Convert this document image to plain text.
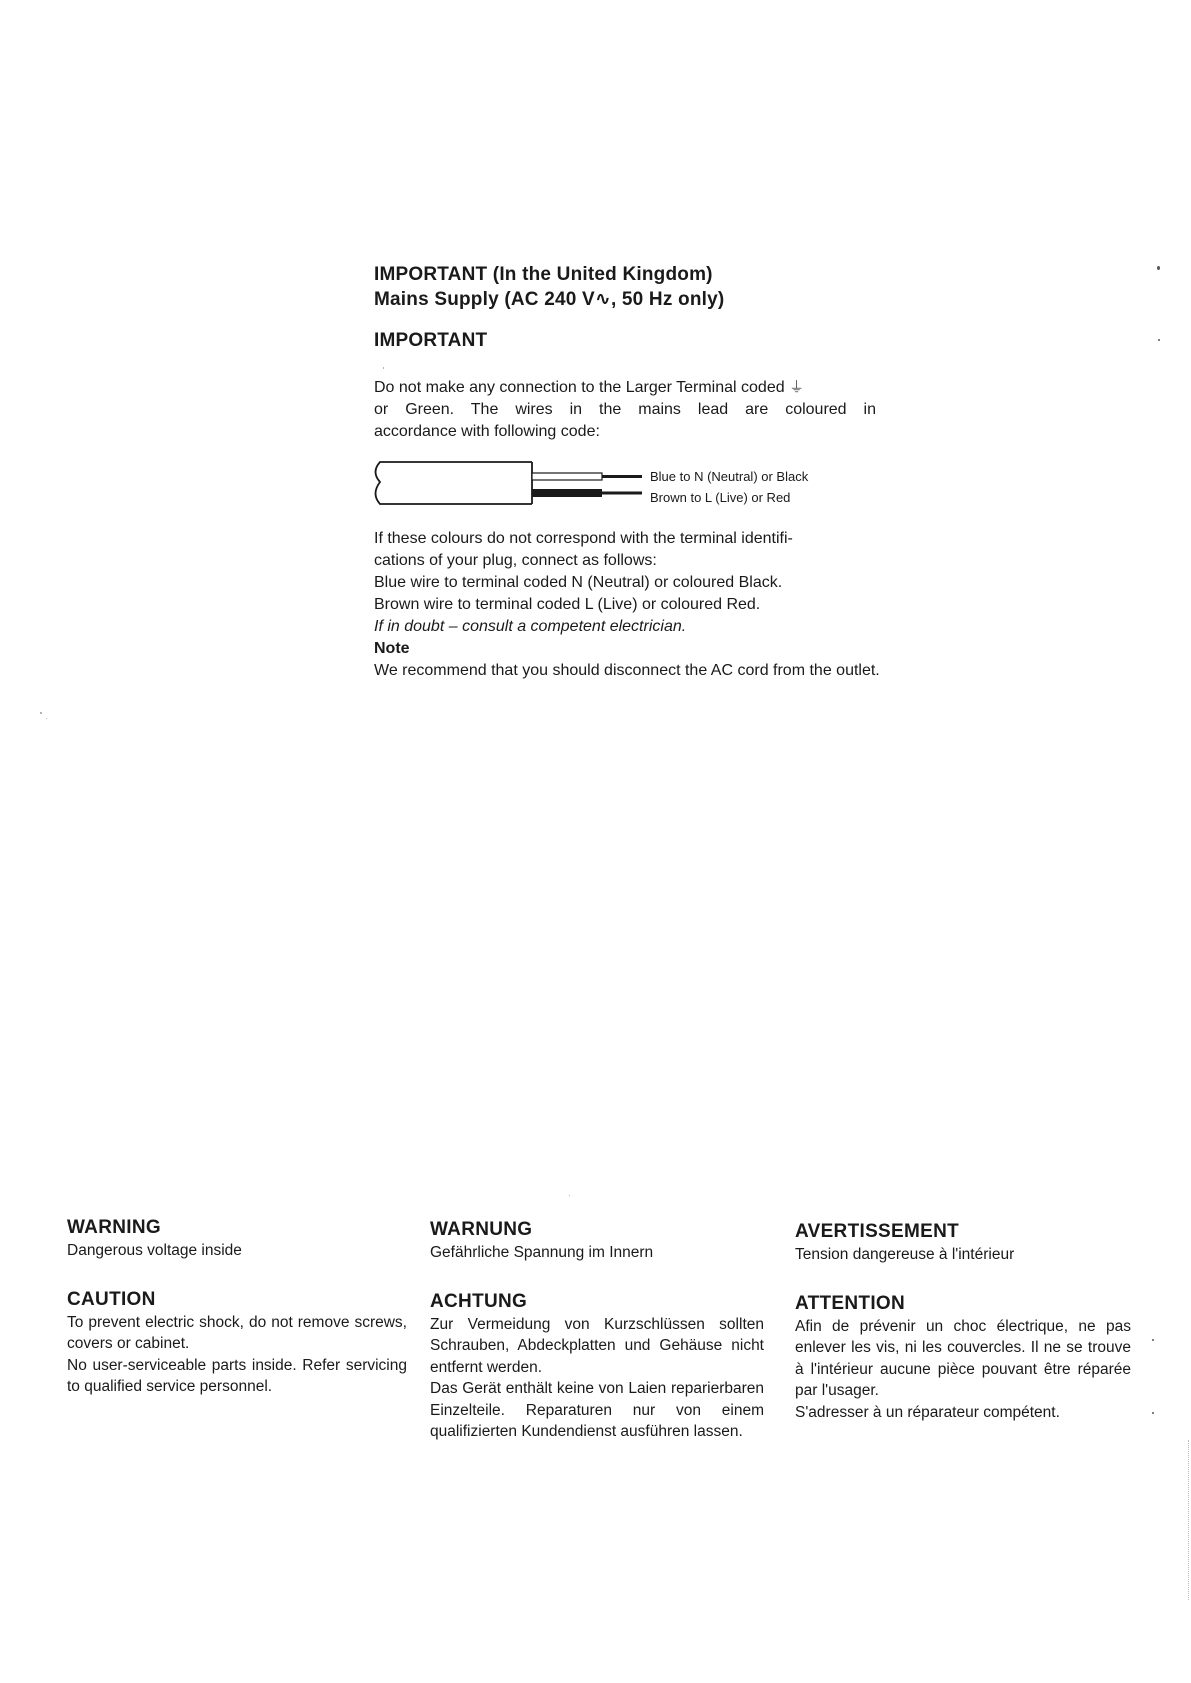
IMPORTANT (In the United Kingdom)
Mains Supply (AC 240 V∿, 50 Hz only)
IMPORTANT
Do not make any connection to the Larger Terminal coded ⏚
or Green. The wires in the mains lead are coloured in
accordance with following code:
Blue to N (Neutral) or Black
Brown to L (Live) or Red
If these colours do not correspond with the terminal identifi-
cations of your plug, connect as follows:
Blue wire to terminal coded N (Neutral) or coloured Black.
Brown wire to terminal coded L (Live) or coloured Red.
If in doubt – consult a competent electrician.
Note
We recommend that you should disconnect the AC cord from the outlet.
WARNING
Dangerous voltage inside
CAUTION
To prevent electric shock, do not remove screws, covers or cabinet.
No user-serviceable parts inside. Refer servicing to qualified service personnel.
WARNUNG
Gefährliche Spannung im Innern
ACHTUNG
Zur Vermeidung von Kurzschlüssen sollten Schrauben, Abdeckplatten und Gehäuse nicht entfernt werden.
Das Gerät enthält keine von Laien reparierbaren Einzelteile. Reparaturen nur von einem qualifizierten Kundendienst ausführen lassen.
AVERTISSEMENT
Tension dangereuse à l'intérieur
ATTENTION
Afin de prévenir un choc électrique, ne pas enlever les vis, ni les couvercles. Il ne se trouve à l'intérieur aucune pièce pouvant être réparée par l'usager.
S'adresser à un réparateur compétent.
